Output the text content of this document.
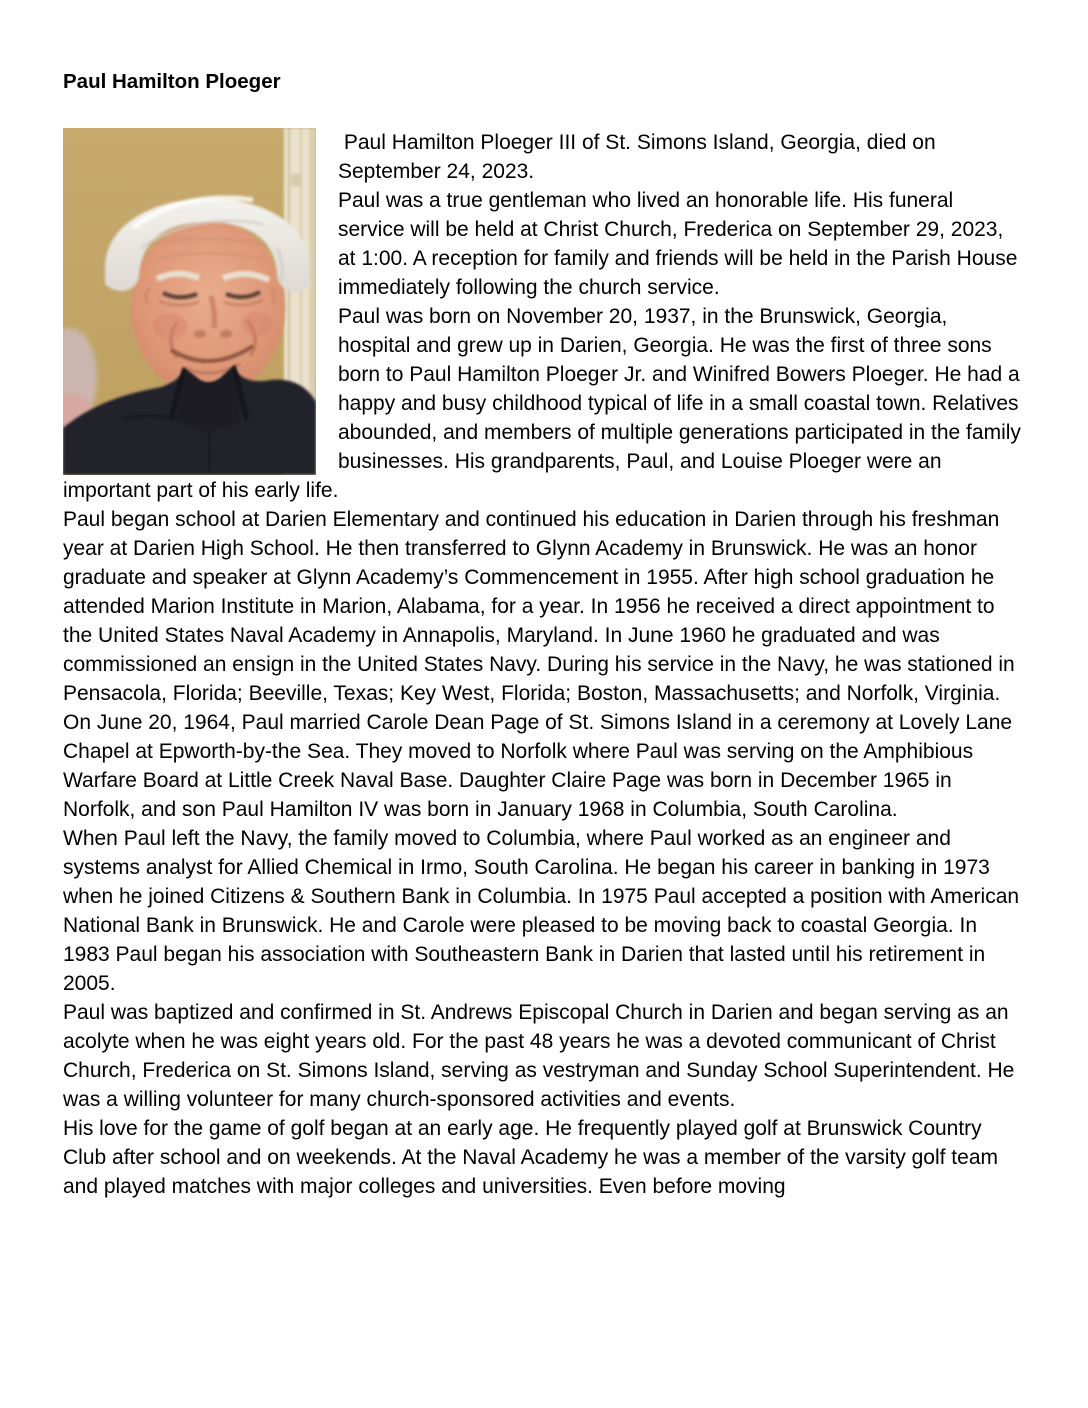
Paul Hamilton Ploeger

Paul Hamilton Ploeger III of St. Simons Island, Georgia, died on September 24, 2023.

Paul was a true gentleman who lived an honorable life. His funeral service will be held at Christ Church, Frederica on September 29, 2023, at 1:00. A reception for family and friends will be held in the Parish House immediately following the church service.

Paul was born on November 20, 1937, in the Brunswick, Georgia, hospital and grew up in Darien, Georgia. He was the first of three sons born to Paul Hamilton Ploeger Jr. and Winifred Bowers Ploeger. He had a happy and busy childhood typical of life in a small coastal town. Relatives abounded, and members of multiple generations participated in the family businesses. His grandparents, Paul, and Louise Ploeger were an important part of his early life.

Paul began school at Darien Elementary and continued his education in Darien through his freshman year at Darien High School. He then transferred to Glynn Academy in Brunswick. He was an honor graduate and speaker at Glynn Academy’s Commencement in 1955. After high school graduation he attended Marion Institute in Marion, Alabama, for a year. In 1956 he received a direct appointment to the United States Naval Academy in Annapolis, Maryland. In June 1960 he graduated and was commissioned an ensign in the United States Navy. During his service in the Navy, he was stationed in Pensacola, Florida; Beeville, Texas; Key West, Florida; Boston, Massachusetts; and Norfolk, Virginia.

On June 20, 1964, Paul married Carole Dean Page of St. Simons Island in a ceremony at Lovely Lane Chapel at Epworth-by-the Sea. They moved to Norfolk where Paul was serving on the Amphibious Warfare Board at Little Creek Naval Base. Daughter Claire Page was born in December 1965 in Norfolk, and son Paul Hamilton IV was born in January 1968 in Columbia, South Carolina.

When Paul left the Navy, the family moved to Columbia, where Paul worked as an engineer and systems analyst for Allied Chemical in Irmo, South Carolina. He began his career in banking in 1973 when he joined Citizens & Southern Bank in Columbia. In 1975 Paul accepted a position with American National Bank in Brunswick. He and Carole were pleased to be moving back to coastal Georgia. In 1983 Paul began his association with Southeastern Bank in Darien that lasted until his retirement in 2005.

Paul was baptized and confirmed in St. Andrews Episcopal Church in Darien and began serving as an acolyte when he was eight years old. For the past 48 years he was a devoted communicant of Christ Church, Frederica on St. Simons Island, serving as vestryman and Sunday School Superintendent. He was a willing volunteer for many church-sponsored activities and events.

His love for the game of golf began at an early age. He frequently played golf at Brunswick Country Club after school and on weekends. At the Naval Academy he was a member of the varsity golf team and played matches with major colleges and universities. Even before moving
